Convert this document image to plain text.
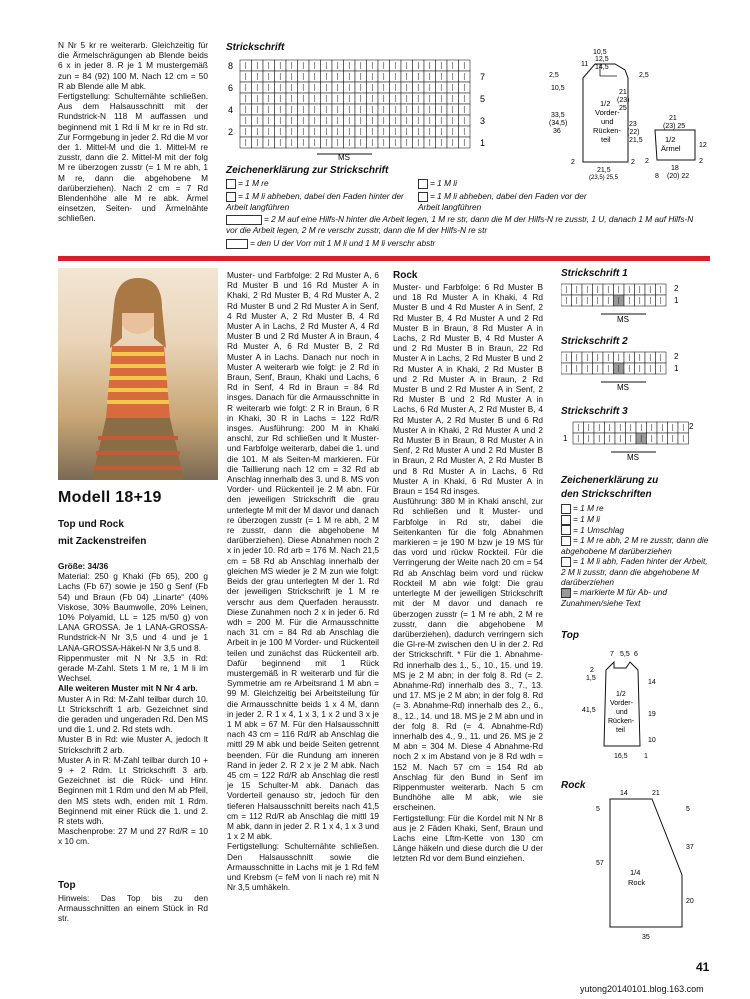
N Nr 5 kr re weiterarb. Gleichzeitig für die Ärmelschrägungen ab Blende beids 6 x in jeder 8. R je 1 M mustergemäß zun = 84 (92) 100 M. Nach 12 cm = 50 R ab Blende alle M abk.

Fertigstellung: Schulternähte schließen. Aus dem Halsausschnitt mit der Rundstrick-N 118 M auffassen und beginnend mit 1 Rd li M kr re in Rd str. Zur Formgebung in jeder 2. Rd die M vor der 1. Mittel-M und die 1. Mittel-M re zusstr, dann die 2. Mittel-M mit der folg M re überzogen zusstr (= 1 M re abh, 1 M re, dann die abgehobene M darüberziehen). Nach 2 cm = 7 Rd Blendenhöhe alle M re abk. Ärmel einsetzen, Seiten- und Ärmelnähte schließen.

Strickschrift
8
6
4
2
7
5
3
1
MS
Zeichenerklärung zur Strickschrift
= 1 M re	= 1 M li
= 1 M li abheben, dabei den Faden hinter der Arbeit langführen
= 1 M li abheben, dabei den Faden vor der Arbeit langführen
= 2 M auf eine Hilfs-N hinter die Arbeit legen, 1 M re str, dann die M der Hilfs-N re zusstr, 1 U, danach 1 M auf Hilfs-N vor die Arbeit legen, 2 M re verschr zusstr, dann die M der Hilfs-N re str
= den U der Vorr mit 1 M li und 1 M li verschr abstr
10,5
11
12,5
14,5
2,5	2,5
10,5
21
(23)
25
1/2
Vorder-
und
Rücken-
teil
33,5
(34,5)
36
23
(22)
21,5
21
(23) 25
1/2
Ärmel	12
2
2
2	2
21,5
(23,5) 25,5
18
(20) 22
8
Modell 18+19
Top und Rock
mit Zackenstreifen

Größe: 34/36

Material: 250 g Khaki (Fb 65), 200 g Lachs (Fb 67) sowie je 150 g Senf (Fb 54) und Braun (Fb 04) „Linarte“ (40% Viskose, 30% Baumwolle, 20% Leinen, 10% Polyamid, LL = 125 m/50 g) von LANA GROSSA. Je 1 LANA-GROSSA-Rundstrick-N Nr 3,5 und 4 und je 1 LANA-GROSSA-Häkel-N Nr 3,5 und 8.

Rippenmuster mit N Nr 3,5 in Rd: gerade M-Zahl. Stets 1 M re, 1 M li im Wechsel.

Alle weiteren Muster mit N Nr 4 arb.

Muster A in Rd: M-Zahl teilbar durch 10. Lt Strickschrift 1 arb. Gezeichnet sind die geraden und ungeraden Rd. Den MS und die 1. und 2. Rd stets wdh.

Muster B in Rd: wie Muster A, jedoch lt Strickschrift 2 arb.

Muster A in R: M-Zahl teilbar durch 10 + 9 + 2 Rdm. Lt Strickschrift 3 arb. Gezeichnet ist die Rück- und Hinr. Beginnen mit 1 Rdm und den M ab Pfeil, den MS stets wdh, enden mit 1 Rdm. Beginnend mit einer Rück die 1. und 2. R stets wdh.

Maschenprobe: 27 M und 27 Rd/R = 10 x 10 cm.

Top
Hinweis: Das Top bis zu den Armausschnitten an einem Stück in Rd str.

Muster- und Farbfolge: 2 Rd Muster A, 6 Rd Muster B und 16 Rd Muster A in Khaki, 2 Rd Muster B, 4 Rd Muster A, 2 Rd Muster B und 2 Rd Muster A in Senf, 4 Rd Muster A, 2 Rd Muster B, 4 Rd Muster A in Lachs, 2 Rd Muster A, 4 Rd Muster B und 2 Rd Muster A in Braun, 4 Rd Muster A, 6 Rd Muster B, 2 Rd Muster A in Lachs. Danach nur noch in Muster A weiterarb wie folgt: je 2 Rd in Braun, Senf, Braun, Khaki und Lachs, 6 Rd in Senf, 4 Rd in Braun = 84 Rd insges. Danach für die Armausschnitte in R weiterarb wie folgt: 2 R in Braun, 6 R in Khaki, 30 R in Lachs = 122 Rd/R insges. Ausführung: 200 M in Khaki anschl, zur Rd schließen und lt Muster- und Farbfolge weiterarb, dabei die 1. und die 101. M als Seiten-M markieren. Für die Taillierung nach 12 cm = 32 Rd ab Anschlag innerhalb des 3. und 8. MS von Vorder- und Rückenteil je 2 M abn. Für den jeweiligen Strickschrift die grau unterlegte M mit der M davor und danach re überzogen zusstr (= 1 M re abh, 2 M re zusstr, dann die abgehobene M darüberziehen). Diese Abnahmen noch 2 x in jeder 10. Rd arb = 176 M. Nach 21,5 cm = 58 Rd ab Anschlag innerhalb der gleichen MS wieder je 2 M zun wie folgt: Beids der grau unterlegten M der 1. Rd der jeweiligen Strickschrift je 1 M re verschr aus dem Querfaden herausstr. Diese Zunahmen noch 2 x in jeder 6. Rd wdh = 200 M. Für die Armausschnitte nach 31 cm = 84 Rd ab Anschlag die Arbeit in je 100 M Vorder- und Rückenteil teilen und zunächst das Rückenteil arb. Dafür beginnend mit 1 Rück mustergemäß in R weiterarb und für die Symmetrie am re Arbeitsrand 1 M abn = 99 M. Gleichzeitig bei Arbeitsteilung für die Armausschnitte beids 1 x 4 M, dann in jeder 2. R 1 x 4, 1 x 3, 1 x 2 und 3 x je 1 M abk = 67 M. Für den Halsausschnitt nach 43 cm = 116 Rd/R ab Anschlag die mittl 29 M abk und beide Seiten getrennt beenden. Für die Rundung am inneren Rand in jeder 2. R 2 x je 2 M abk. Nach 45 cm = 122 Rd/R ab Anschlag die restl je 15 Schulter-M abk. Danach das Vorderteil genauso str, jedoch für den tieferen Halsausschnitt bereits nach 41,5 cm = 112 Rd/R ab Anschlag die mittl 19 M abk, dann in jeder 2. R 1 x 4, 1 x 3 und 1 x 2 M abk.

Fertigstellung: Schulternähte schließen. Den Halsausschnitt sowie die Armausschnitte in Lachs mit je 1 Rd feM und Krebsm (= feM von li nach re) mit N Nr 3,5 umhäkeln.

Rock

Muster- und Farbfolge: 6 Rd Muster B und 18 Rd Muster A in Khaki, 4 Rd Muster B und 4 Rd Muster A in Senf, 2 Rd Muster B, 4 Rd Muster A und 2 Rd Muster B in Braun, 8 Rd Muster A in Lachs, 2 Rd Muster B, 4 Rd Muster A und 2 Rd Muster B in Braun, 22 Rd Muster A in Lachs, 2 Rd Muster B und 2 Rd Muster A in Khaki, 2 Rd Muster B und 2 Rd Muster A in Braun, 2 Rd Muster B und 2 Rd Muster A in Senf, 2 Rd Muster B und 2 Rd Muster A in Lachs, 6 Rd Muster A, 2 Rd Muster B, 4 Rd Muster A, 2 Rd Muster B und 6 Rd Muster A in Khaki, 2 Rd Muster A und 2 Rd Muster B in Braun, 8 Rd Muster A in Senf, 2 Rd Muster A und 2 Rd Muster B in Braun, 2 Rd Muster A, 2 Rd Muster B und 8 Rd Muster A in Lachs, 6 Rd Muster A in Khaki, 6 Rd Muster A in Braun = 154 Rd insges.

Ausführung: 380 M in Khaki anschl, zur Rd schließen und lt Muster- und Farbfolge in Rd str, dabei die Seitenkanten für die folg Abnahmen markieren = je 190 M bzw je 19 MS für das vord und rückw Rockteil. Für die Verringerung der Weite nach 20 cm = 54 Rd ab Anschlag beim vord und rückw Rockteil M abn wie folgt: Die grau unterlegte M der jeweiligen Strickschrift mit der M davor und danach re überzogen zusstr (= 1 M re abh, 2 M re zusstr, dann die abgehobene M darüberziehen), dadurch verringern sich die Gl-re-M zwischen den U in der 2. Rd der Strickschrift. * Für die 1. Abnahme-Rd innerhalb des 1., 5., 10., 15. und 19. MS je 2 M abn; in der folg 8. Rd (= 2. Abnahme-Rd) innerhalb des 3., 7., 13. und 17. MS je 2 M abn; in der folg 8. Rd (= 3. Abnahme-Rd) innerhalb des 2., 6., 8., 12., 14. und 18. MS je 2 M abn und in der folg 8. Rd (= 4. Abnahme-Rd) innerhalb des 4., 9., 11. und 26. MS je 2 M abn = 304 M. Diese 4 Abnahme-Rd noch 2 x im Abstand von je 8 Rd wdh = 152 M. Nach 57 cm = 154 Rd ab Anschlag für den Bund in Senf im Rippenmuster weiterarb. Nach 5 cm Bundhöhe alle M abk, wie sie erscheinen.

Fertigstellung: Für die Kordel mit N Nr 8 aus je 2 Fäden Khaki, Senf, Braun und Lachs eine Lftm-Kette von 130 cm Länge häkeln und diese durch die U der letzten Rd vor dem Bund einziehen.

Strickschrift 1
2
1
MS
Strickschrift 2
2
1
MS
Strickschrift 3
2
1
MS
Zeichenerklärung zu
den Strickschriften
= 1 M re
= 1 M li
= 1 Umschlag
= 1 M re abh, 2 M re zusstr, dann die abgehobene M darüberziehen
= 1 M li abh, Faden hinter der Arbeit, 2 M li zusstr, dann die abgehobene M darüberziehen
= markierte M für Ab- und Zunahmen/siehe Text
Top
7 5,5 6
2
1,5
14
1/2
Vorder-
und
Rücken-
teil
41,5
19
10
16,5 1
Rock
5
14	21
5
37
57
1/4
Rock
20
35
41
yutong20140101.blog.163.com
